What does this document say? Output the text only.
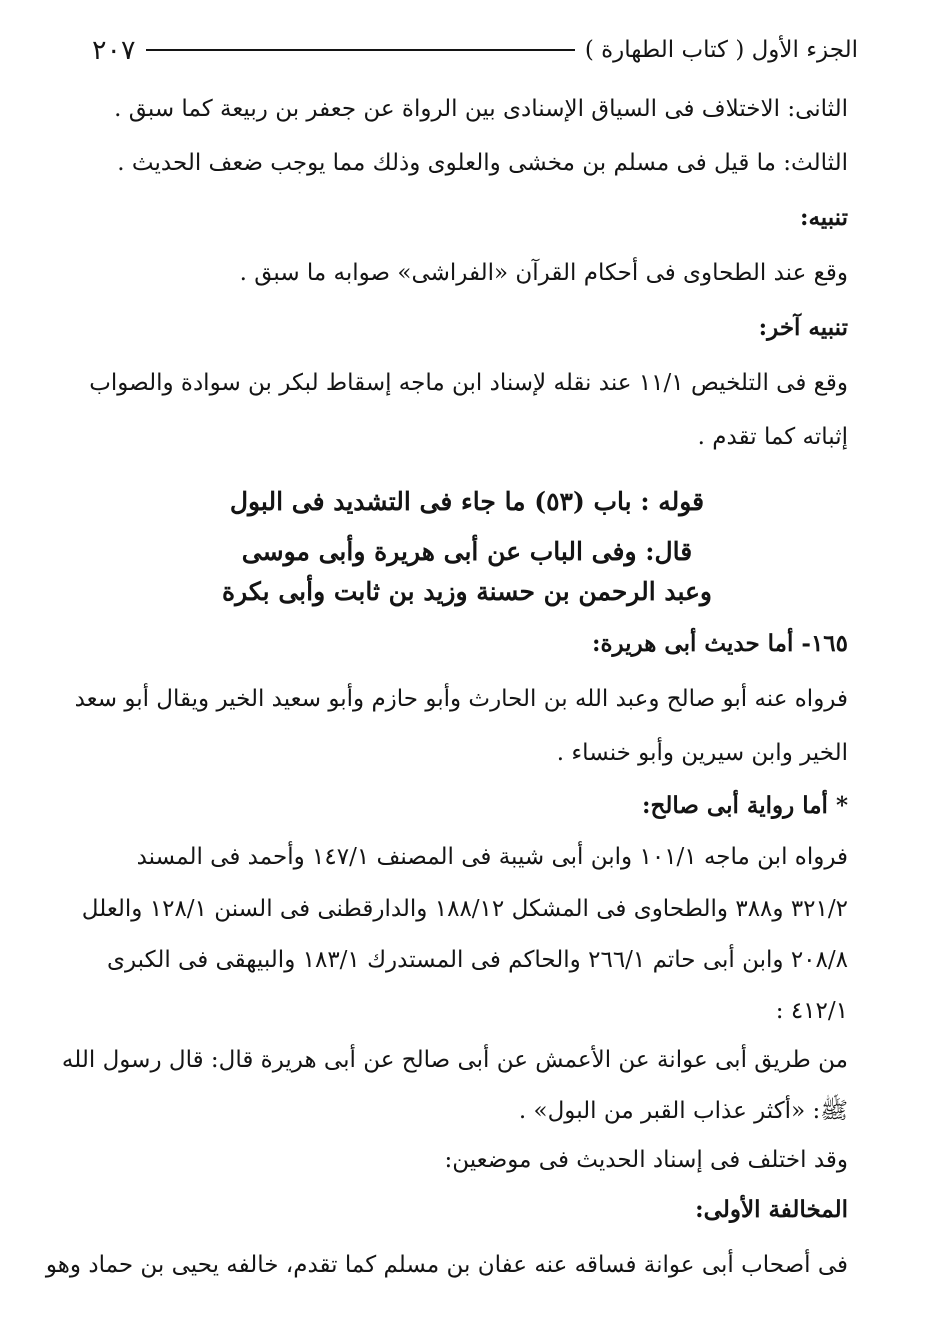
الجزء الأول ( كتاب الطهارة )
٢٠٧
الثانى: الاختلاف فى السياق الإسنادى بين الرواة عن جعفر بن ربيعة كما سبق .
الثالث: ما قيل فى مسلم بن مخشى والعلوى وذلك مما يوجب ضعف الحديث .
تنبيه:
وقع عند الطحاوى فى أحكام القرآن «الفراشى» صوابه ما سبق .
تنبيه آخر:
وقع فى التلخيص ١١/١ عند نقله لإسناد ابن ماجه إسقاط لبكر بن سوادة والصواب
إثباته كما تقدم .
قوله : باب (٥٣) ما جاء فى التشديد فى البول
قال: وفى الباب عن أبى هريرة وأبى موسى
وعبد الرحمن بن حسنة وزيد بن ثابت وأبى بكرة
١٦٥- أما حديث أبى هريرة:
فرواه عنه أبو صالح وعبد الله بن الحارث وأبو حازم وأبو سعيد الخير ويقال أبو سعد
الخير وابن سيرين وأبو خنساء .
* أما رواية أبى صالح:
فرواه ابن ماجه ١٠١/١ وابن أبى شيبة فى المصنف ١٤٧/١ وأحمد فى المسند
٣٢١/٢ و٣٨٨ والطحاوى فى المشكل ١٨٨/١٢ والدارقطنى فى السنن ١٢٨/١ والعلل
٢٠٨/٨ وابن أبى حاتم ٢٦٦/١ والحاكم فى المستدرك ١٨٣/١ والبيهقى فى الكبرى
٤١٢/١ :
من طريق أبى عوانة عن الأعمش عن أبى صالح عن أبى هريرة قال: قال رسول الله
ﷺ: «أكثر عذاب القبر من البول» .
وقد اختلف فى إسناد الحديث فى موضعين:
المخالفة الأولى:
فى أصحاب أبى عوانة فساقه عنه عفان بن مسلم كما تقدم، خالفه يحيى بن حماد وهو
